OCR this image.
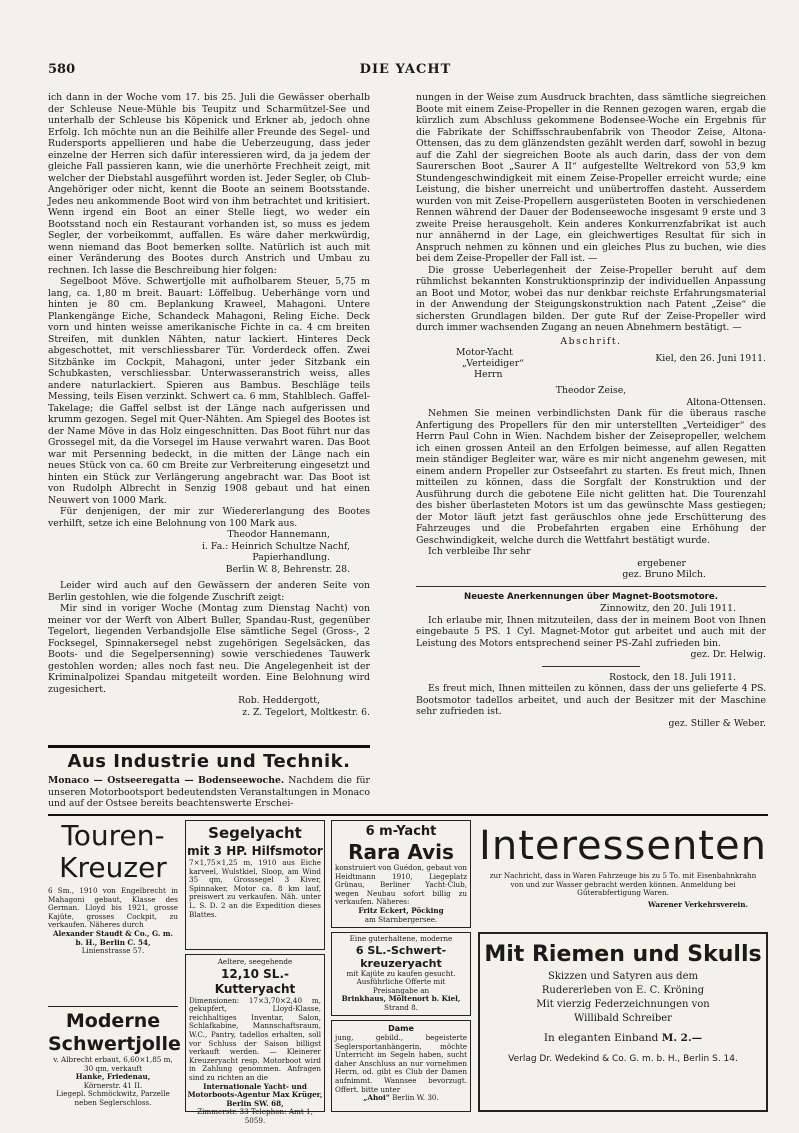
580	DIE YACHT

ich dann in der Woche vom 17. bis 25. Juli die Gewässer oberhalb der Schleuse Neue-Mühle bis Teupitz und Scharmützel-See und unterhalb der Schleuse bis Köpenick und Erkner ab, jedoch ohne Erfolg. Ich möchte nun an die Beihilfe aller Freunde des Segel- und Rudersports appellieren und habe die Ueberzeugung, dass jeder einzelne der Herren sich dafür interessieren wird, da ja jedem der gleiche Fall passieren kann, wie die unerhörte Frechheit zeigt, mit welcher der Diebstahl ausgeführt worden ist. Jeder Segler, ob Club-Angehöriger oder nicht, kennt die Boote an seinem Bootsstande. Jedes neu ankommende Boot wird von ihm betrachtet und kritisiert. Wenn irgend ein Boot an einer Stelle liegt, wo weder ein Bootsstand noch ein Restaurant vorhanden ist, so muss es jedem Segler, der vorbeikommt, auffallen. Es wäre daher merkwürdig, wenn niemand das Boot bemerken sollte. Natürlich ist auch mit einer Veränderung des Bootes durch Anstrich und Umbau zu rechnen. Ich lasse die Beschreibung hier folgen:

Segelboot Möve. Schwertjolle mit aufholbarem Steuer, 5,75 m lang, ca. 1,80 m breit. Bauart: Löffelbug. Ueberhänge vorn und hinten je 80 cm. Beplankung Kraweel, Mahagoni. Untere Plankengänge Eiche, Schandeck Mahagoni, Reling Eiche. Deck vorn und hinten weisse amerikanische Fichte in ca. 4 cm breiten Streifen, mit dunklen Nähten, natur lackiert. Hinteres Deck abgeschottet, mit verschliessbarer Tür. Vorderdeck offen. Zwei Sitzbänke im Cockpit, Mahagoni, unter jeder Sitzbank ein Schubkasten, verschliessbar. Unterwasseranstrich weiss, alles andere naturlackiert. Spieren aus Bambus. Beschläge teils Messing, teils Eisen verzinkt. Schwert ca. 6 mm, Stahlblech. Gaffel-Takelage; die Gaffel selbst ist der Länge nach aufgerissen und krumm gezogen. Segel mit Quer-Nähten. Am Spiegel des Bootes ist der Name Möve in das Holz eingeschnitten. Das Boot führt nur das Grossegel mit, da die Vorsegel im Hause verwahrt waren. Das Boot war mit Persenning bedeckt, in die mitten der Länge nach ein neues Stück von ca. 60 cm Breite zur Verbreiterung eingesetzt und hinten ein Stück zur Verlängerung angebracht war. Das Boot ist von Rudolph Albrecht in Senzig 1908 gebaut und hat einen Neuwert von 1000 Mark.

Für denjenigen, der mir zur Wiedererlangung des Bootes verhilft, setze ich eine Belohnung von 100 Mark aus.

Theodor Hannemann,
i. Fa.: Heinrich Schultze Nachf,
Papierhandlung.
Berlin W. 8, Behrenstr. 28.

Leider wird auch auf den Gewässern der anderen Seite von Berlin gestohlen, wie die folgende Zuschrift zeigt:

Mir sind in voriger Woche (Montag zum Dienstag Nacht) von meiner vor der Werft von Albert Buller, Spandau-Rust, gegenüber Tegelort, liegenden Verbandsjolle Else sämtliche Segel (Gross-, 2 Focksegel, Spinnakersegel nebst zugehörigen Segelsäcken, das Boots- und die Segelpersenning) sowie verschiedenes Tauwerk gestohlen worden; alles noch fast neu. Die Angelegenheit ist der Kriminalpolizei Spandau mitgeteilt worden. Eine Belohnung wird zugesichert.

Rob. Heddergott,
z. Z. Tegelort, Moltkestr. 6.
Aus Industrie und Technik.
Monaco — Ostseeregatta — Bodenseewoche. Nachdem die für unseren Motorbootsport bedeutendsten Veranstaltungen in Monaco und auf der Ostsee bereits beachtenswerte Erschei-

nungen in der Weise zum Ausdruck brachten, dass sämtliche siegreichen Boote mit einem Zeise-Propeller in die Rennen gezogen waren, ergab die kürzlich zum Abschluss gekommene Bodensee-Woche ein Ergebnis für die Fabrikate der Schiffsschraubenfabrik von Theodor Zeise, Altona-Ottensen, das zu dem glänzendsten gezählt werden darf, sowohl in bezug auf die Zahl der siegreichen Boote als auch darin, dass der von dem Saurerschen Boot „Saurer A II“ aufgestellte Weltrekord von 53,9 km Stundengeschwindigkeit mit einem Zeise-Propeller erreicht wurde; eine Leistung, die bisher unerreicht und unübertroffen dasteht. Ausserdem wurden von mit Zeise-Propellern ausgerüsteten Booten in verschiedenen Rennen während der Dauer der Bodenseewoche insgesamt 9 erste und 3 zweite Preise herausgeholt. Kein anderes Konkurrenzfabrikat ist auch nur annähernd in der Lage, ein gleichwertiges Resultat für sich in Anspruch nehmen zu können und ein gleiches Plus zu buchen, wie dies bei dem Zeise-Propeller der Fall ist. —

Die grosse Ueberlegenheit der Zeise-Propeller beruht auf dem rühmlichst bekannten Konstruktionsprinzip der individuellen Anpassung an Boot und Motor, wobei das nur denkbar reichste Erfahrungsmaterial in der Anwendung der Steigungskonstruktion nach Patent „Zeise“ die sichersten Grundlagen bilden. Der gute Ruf der Zeise-Propeller wird durch immer wachsenden Zugang an neuen Abnehmern bestätigt. —

Abschrift.
Motor-Yacht
„Verteidiger“
Herrn
Kiel, den 26. Juni 1911.
Theodor Zeise,
Altona-Ottensen.

Nehmen Sie meinen verbindlichsten Dank für die überaus rasche Anfertigung des Propellers für den mir unterstellten „Verteidiger“ des Herrn Paul Cohn in Wien. Nachdem bisher der Zeisepropeller, welchem ich einen grossen Anteil an den Erfolgen beimesse, auf allen Regatten mein ständiger Begleiter war, wäre es mir nicht angenehm gewesen, mit einem andern Propeller zur Ostseefahrt zu starten. Es freut mich, Ihnen mitteilen zu können, dass die Sorgfalt der Konstruktion und der Ausführung durch die gebotene Eile nicht gelitten hat. Die Tourenzahl des bisher überlasteten Motors ist um das gewünschte Mass gestiegen; der Motor läuft jetzt fast geräuschlos ohne jede Erschütterung des Fahrzeuges und die Probefahrten ergaben eine Erhöhung der Geschwindigkeit, welche durch die Wettfahrt bestätigt wurde.

Ich verbleibe Ihr sehr

ergebener
gez. Bruno Milch.
Neueste Anerkennungen über Magnet-Bootsmotore.
Zinnowitz, den 20. Juli 1911.

Ich erlaube mir, Ihnen mitzuteilen, dass der in meinem Boot von Ihnen eingebaute 5 PS. 1 Cyl. Magnet-Motor gut arbeitet und auch mit der Leistung des Motors entsprechend seiner PS-Zahl zufrieden bin.

gez. Dr. Helwig.
Rostock, den 18. Juli 1911.

Es freut mich, Ihnen mitteilen zu können, dass der uns gelieferte 4 PS. Bootsmotor tadellos arbeitet, und auch der Besitzer mit der Maschine sehr zufrieden ist.

gez. Stiller & Weber.
Touren-
Kreuzer

6 Sm., 1910 von Engelbrecht in Mahagoni gebaut, Klasse des German. Lloyd bis 1921, grosse Kajüte, grosses Cockpit, zu verkaufen. Näheres durch

Alexander Staudt & Co., G. m. b. H., Berlin C. 54,

Linienstrasse 57.

Moderne
Schwertjolle

v. Albrecht erbaut, 6,60×1,85 m, 30 qm, verkauft

Hanke, Friedenau,

Körnerstr. 41 II.

Liegepl. Schmöckwitz, Parzelle neben Seglerschloss.

Segelyacht
mit 3 HP. Hilfsmotor

7×1,75×1,25 m, 1910 aus Eiche karveel, Wulstkiel, Sloop, am Wind 35 qm, Grosssegel 3 Kiver, Spinnaker, Motor ca. 8 km lauf, preiswert zu verkaufen. Näh. unter L. S. D. 2 an die Expedition dieses Blattes.

Aeltere, seegehende

12,10 SL.-Kutteryacht

Dimensionen: 17×3,70×2,40 m, gekupfert, Lloyd-Klasse, reichhaltiges Inventar, Salon, Schlafkabine, Mannschaftsraum, W.C., Pantry, tadellos erhalten, soll vor Schluss der Saison billigst verkauft werden. — Kleinerer Kreuzeryacht resp. Motorboot wird in Zahlung genommen. Anfragen sind zu richten an die

Internationale Yacht- und Motorboots-Agentur Max Krüger, Berlin SW. 68,

Zimmerstr. 33 Telephon: Amt 1, 5059.

6 m-Yacht
Rara Avis

konstruiert von Guédon, gebaut von Heidtmann 1910, Liegeplatz Grünau, Berliner Yacht-Club, wegen Neubau sofort billig zu verkaufen. Näheres:

Fritz Eckert, Pöcking

am Starnbergersee.

Eine guterhaltene, moderne

6 SL.-Schwert-
kreuzeryacht

mit Kajüte zu kaufen gesucht. Ausführliche Offerte mit Preisangabe an

Brinkhaus, Möltenort b. Kiel,

Strand 8.

Dame

jung, gebild., begeisterte Seglersportanhängerin, möchte Unterricht im Segeln haben, sucht daher Anschluss an nur vornehmen Herrn, od. gibt es Club der Damen aufnimmt. Wannsee bevorzugt. Offert. bitte unter

„Ahoi“ Berlin W. 30.

Interessenten

zur Nachricht, dass in Waren Fahrzeuge bis zu 5 To. mit Eisenbahnkrahn von und zur Wasser gebracht werden können. Anmeldung bei Güterabfertigung Waren.

Warener Verkehrsverein.

Mit Riemen und Skulls

Skizzen und Satyren aus dem

Rudererleben von E. C. Kröning

Mit vierzig Federzeichnungen von

Willibald Schreiber

In eleganten Einband M. 2.—

Verlag Dr. Wedekind & Co. G. m. b. H., Berlin S. 14.
